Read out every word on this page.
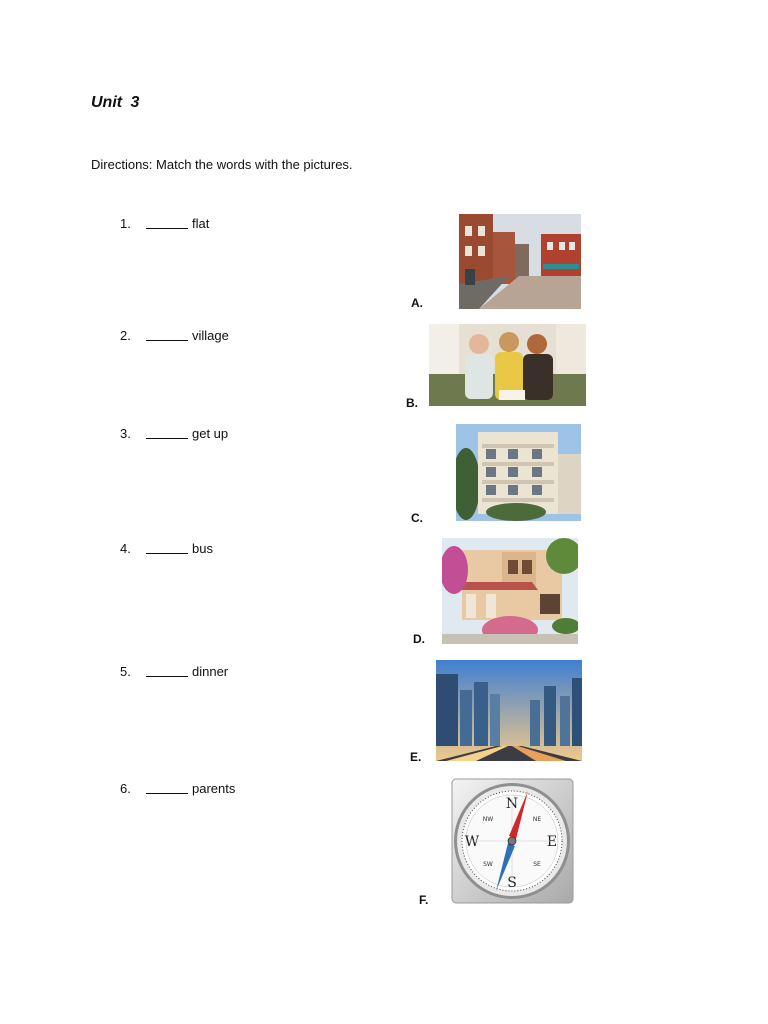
Unit 3
Directions: Match the words with the pictures.
1.	flat
2.	village
3.	get up
4.	bus
5.	dinner
6.	parents
A.
B.
C.
D.
E.
F.
N
S
E
W
NE
NW
SE
SW
